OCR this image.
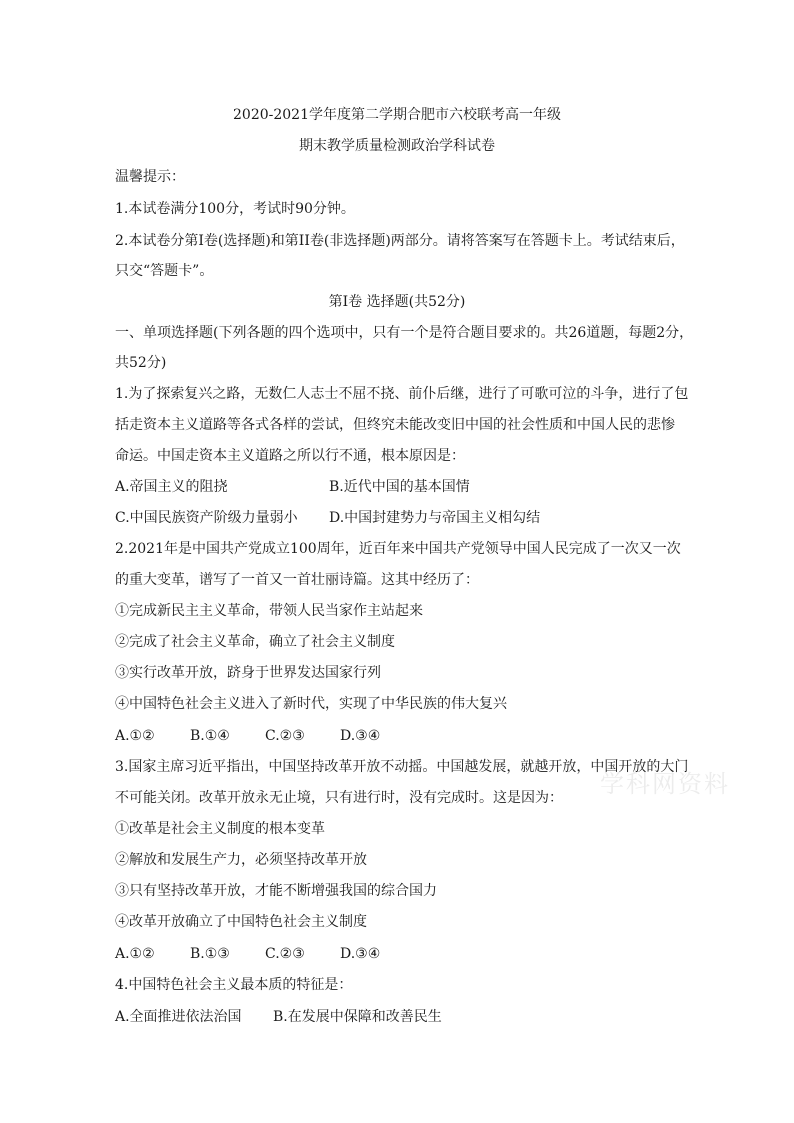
2020-2021学年度第二学期合肥市六校联考高一年级
期末教学质量检测政治学科试卷
温馨提示：
1.本试卷满分100分，考试时90分钟。
2.本试卷分第I卷(选择题)和第II卷(非选择题)两部分。请将答案写在答题卡上。考试结束后，
只交“答题卡”。
第I卷 选择题(共52分)
一、单项选择题(下列各题的四个选项中，只有一个是符合题目要求的。共26道题，每题2分，
共52分)
1.为了探索复兴之路，无数仁人志士不屈不挠、前仆后继，进行了可歌可泣的斗争，进行了包
括走资本主义道路等各式各样的尝试，但终究未能改变旧中国的社会性质和中国人民的悲惨
命运。中国走资本主义道路之所以行不通，根本原因是：
A.帝国主义的阻挠	B.近代中国的基本国情
C.中国民族资产阶级力量弱小 D.中国封建势力与帝国主义相勾结
2.2021年是中国共产党成立100周年，近百年来中国共产党领导中国人民完成了一次又一次
的重大变革，谱写了一首又一首壮丽诗篇。这其中经历了：
①完成新民主主义革命，带领人民当家作主站起来
②完成了社会主义革命，确立了社会主义制度
③实行改革开放，跻身于世界发达国家行列
④中国特色社会主义进入了新时代，实现了中华民族的伟大复兴
A.①②	B.①④	C.②③	D.③④
3.国家主席习近平指出，中国坚持改革开放不动摇。中国越发展，就越开放，中国开放的大门
不可能关闭。改革开放永无止境，只有进行时，没有完成时。这是因为：
①改革是社会主义制度的根本变革
②解放和发展生产力，必须坚持改革开放
③只有坚持改革开放，才能不断增强我国的综合国力
④改革开放确立了中国特色社会主义制度
A.①②	B.①③	C.②③	D.③④
4.中国特色社会主义最本质的特征是：
A.全面推进依法治国 B.在发展中保障和改善民生
学科网资料
